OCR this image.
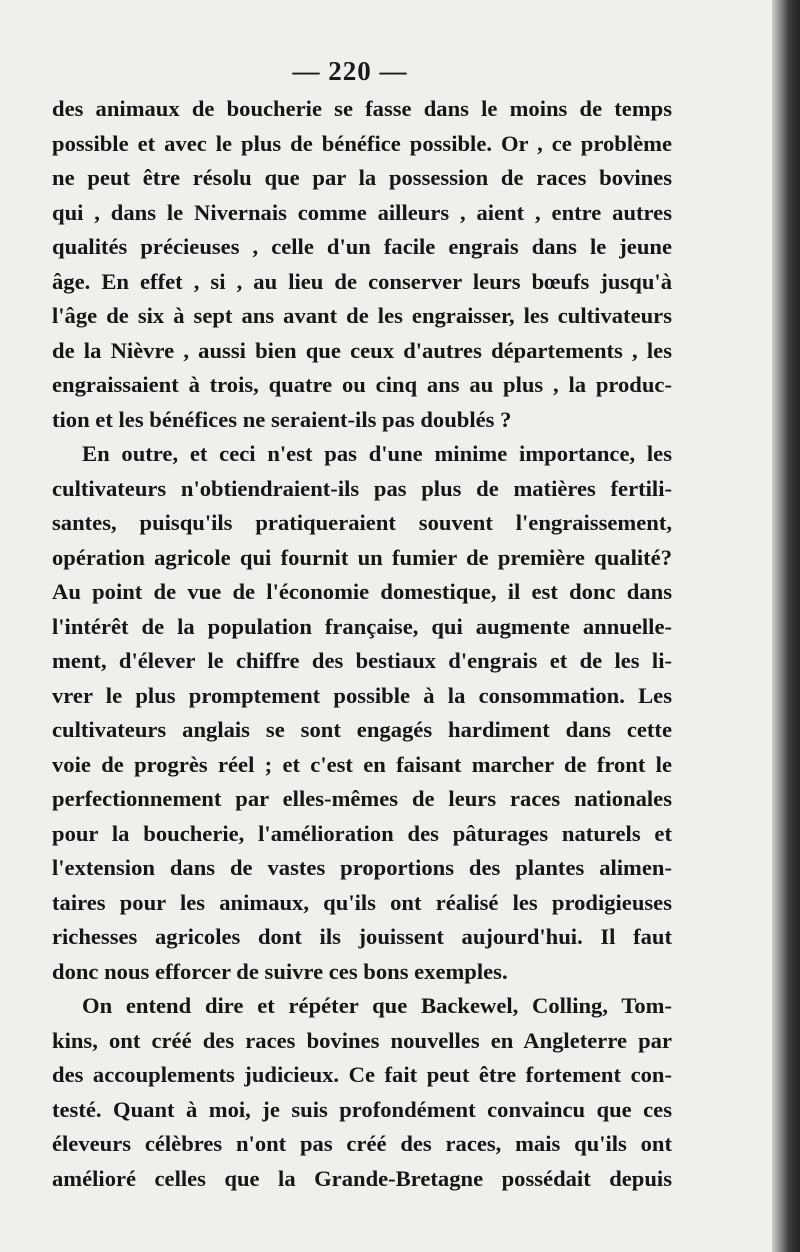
— 220 —
des animaux de boucherie se fasse dans le moins de temps
possible et avec le plus de bénéfice possible. Or , ce problème
ne peut être résolu que par la possession de races bovines
qui , dans le Nivernais comme ailleurs , aient , entre autres
qualités précieuses , celle d'un facile engrais dans le jeune
âge. En effet , si , au lieu de conserver leurs bœufs jusqu'à
l'âge de six à sept ans avant de les engraisser, les cultivateurs
de la Nièvre , aussi bien que ceux d'autres départements , les
engraissaient à trois, quatre ou cinq ans au plus , la produc-
tion et les bénéfices ne seraient-ils pas doublés ?
En outre, et ceci n'est pas d'une minime importance, les
cultivateurs n'obtiendraient-ils pas plus de matières fertili-
santes, puisqu'ils pratiqueraient souvent l'engraissement,
opération agricole qui fournit un fumier de première qualité?
Au point de vue de l'économie domestique, il est donc dans
l'intérêt de la population française, qui augmente annuelle-
ment, d'élever le chiffre des bestiaux d'engrais et de les li-
vrer le plus promptement possible à la consommation. Les
cultivateurs anglais se sont engagés hardiment dans cette
voie de progrès réel ; et c'est en faisant marcher de front le
perfectionnement par elles-mêmes de leurs races nationales
pour la boucherie, l'amélioration des pâturages naturels et
l'extension dans de vastes proportions des plantes alimen-
taires pour les animaux, qu'ils ont réalisé les prodigieuses
richesses agricoles dont ils jouissent aujourd'hui. Il faut
donc nous efforcer de suivre ces bons exemples.
On entend dire et répéter que Backewel, Colling, Tom-
kins, ont créé des races bovines nouvelles en Angleterre par
des accouplements judicieux. Ce fait peut être fortement con-
testé. Quant à moi, je suis profondément convaincu que ces
éleveurs célèbres n'ont pas créé des races, mais qu'ils ont
amélioré celles que la Grande-Bretagne possédait depuis
